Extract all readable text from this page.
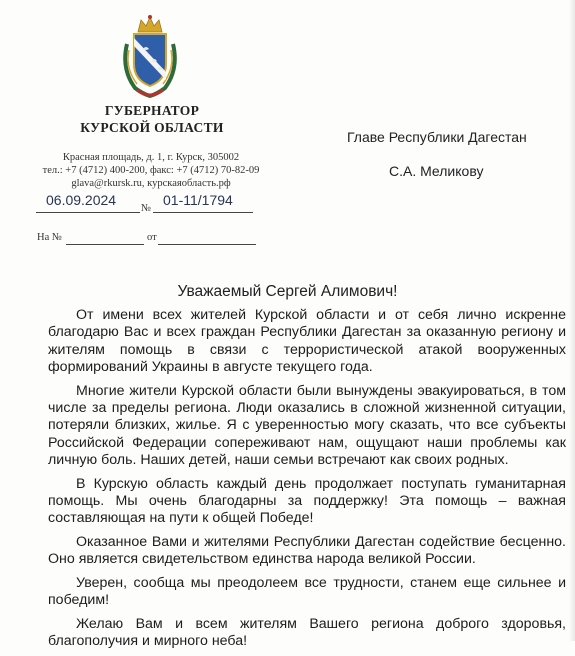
ГУБЕРНАТОР
КУРСКОЙ ОБЛАСТИ
Красная площадь, д. 1, г. Курск, 305002
тел.: +7 (4712) 400-200, факс: +7 (4712) 70-82-09
glava@rkursk.ru, курскаяобласть.рф
06.09.2024
№
01-11/1794
На №	от
Главе Республики Дагестан
С.А. Меликову
Уважаемый Сергей Алимович!

От имени всех жителей Курской области и от себя лично искренне благодарю Вас и всех граждан Республики Дагестан за оказанную региону и жителям помощь в связи с террористической атакой вооруженных формирований Украины в августе текущего года.

Многие жители Курской области были вынуждены эвакуироваться, в том числе за пределы региона. Люди оказались в сложной жизненной ситуации, потеряли близких, жилье. Я с уверенностью могу сказать, что все субъекты Российской Федерации сопереживают нам, ощущают наши проблемы как личную боль. Наших детей, наши семьи встречают как своих родных.

В Курскую область каждый день продолжает поступать гуманитарная помощь. Мы очень благодарны за поддержку! Эта помощь – важная составляющая на пути к общей Победе!

Оказанное Вами и жителями Республики Дагестан содействие бесценно. Оно является свидетельством единства народа великой России.

Уверен, сообща мы преодолеем все трудности, станем еще сильнее и победим!

Желаю Вам и всем жителям Вашего региона доброго здоровья, благополучия и мирного неба!
